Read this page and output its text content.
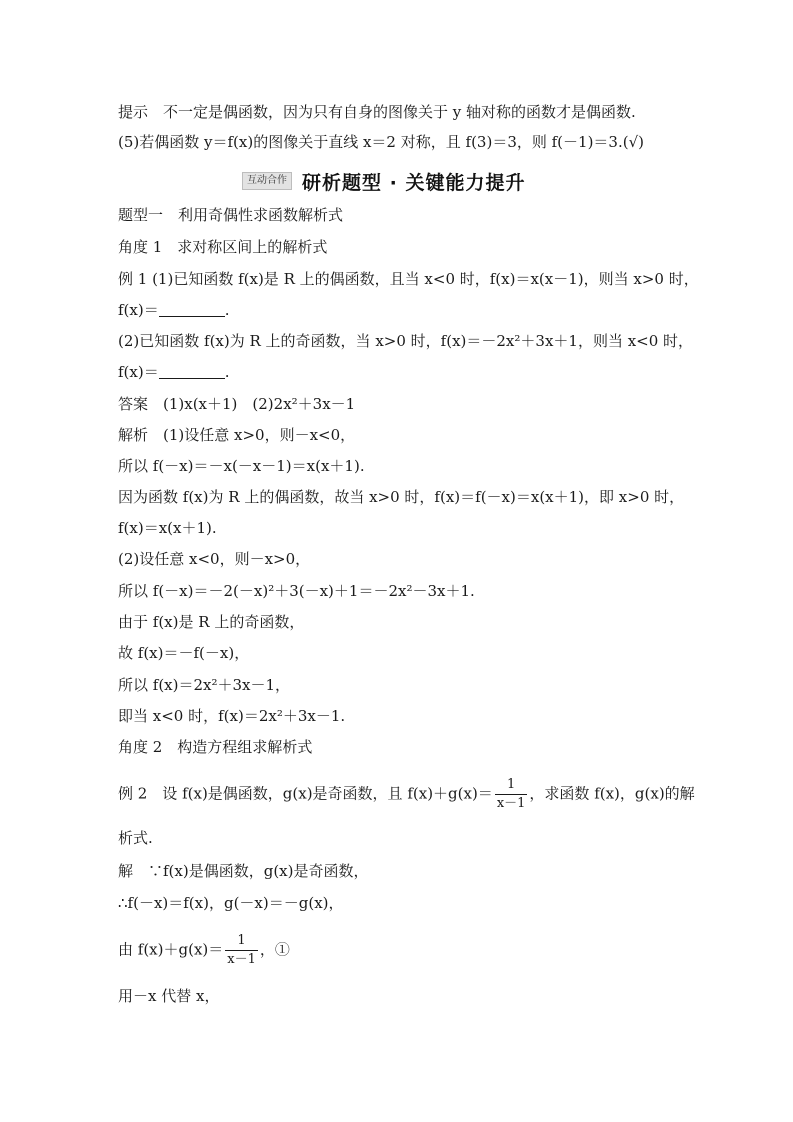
提示　不一定是偶函数，因为只有自身的图像关于 y 轴对称的函数才是偶函数.
(5)若偶函数 y＝f(x)的图像关于直线 x＝2 对称，且 f(3)＝3，则 f(－1)＝3.(√)
互动合作 研析题型 · 关键能力提升
题型一　利用奇偶性求函数解析式
角度 1　求对称区间上的解析式
例 1 (1)已知函数 f(x)是 R 上的偶函数，且当 x<0 时，f(x)＝x(x－1)，则当 x>0 时，
f(x)＝	.
(2)已知函数 f(x)为 R 上的奇函数，当 x>0 时，f(x)＝－2x²＋3x＋1，则当 x<0 时，
f(x)＝	.
答案　(1)x(x＋1)　(2)2x²＋3x－1
解析　(1)设任意 x>0，则－x<0，
所以 f(－x)＝－x(－x－1)＝x(x＋1).
因为函数 f(x)为 R 上的偶函数，故当 x>0 时，f(x)＝f(－x)＝x(x＋1)，即 x>0 时，
f(x)＝x(x＋1).
(2)设任意 x<0，则－x>0，
所以 f(－x)＝－2(－x)²＋3(－x)＋1＝－2x²－3x＋1.
由于 f(x)是 R 上的奇函数，
故 f(x)＝－f(－x)，
所以 f(x)＝2x²＋3x－1，
即当 x<0 时，f(x)＝2x²＋3x－1.
角度 2　构造方程组求解析式
例 2　设 f(x)是偶函数，g(x)是奇函数，且 $f(x)+g(x)= \frac{1}{x-1}$ ，求函数 f(x)，g(x)的解
析式.
解　∵f(x)是偶函数，g(x)是奇函数，
∴f(－x)＝f(x)，g(－x)＝－g(x)，
由 $f(x)+g(x)= \frac{1}{x-1}$ ，①
用－x 代替 x，
